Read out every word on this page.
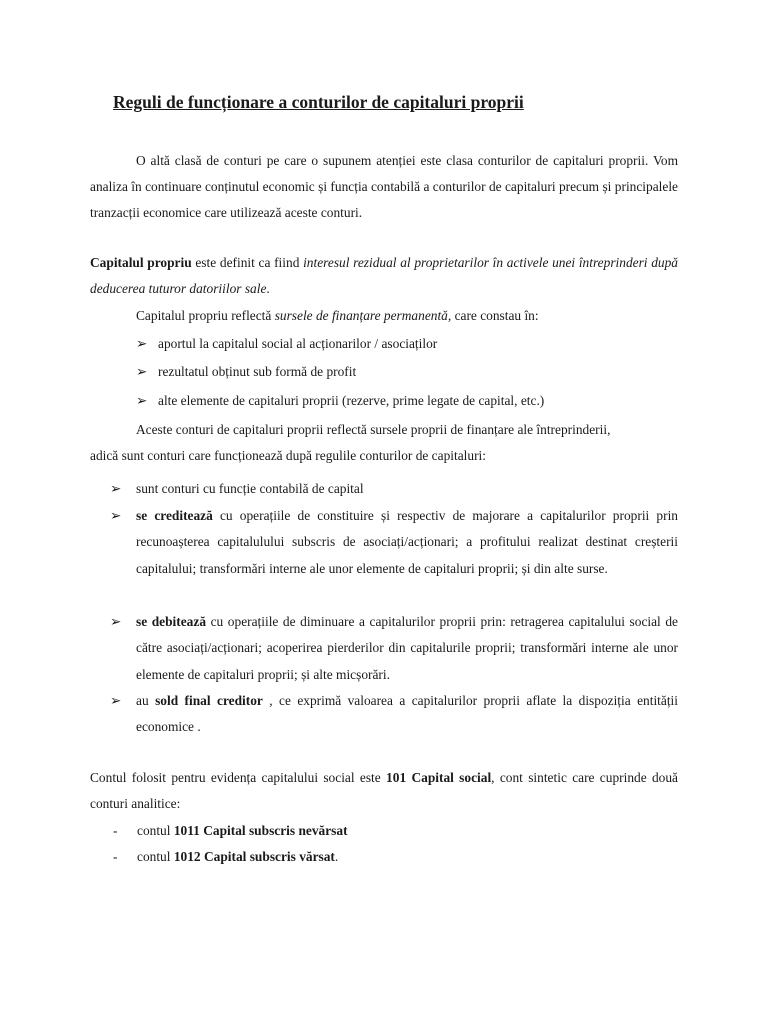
Reguli de funcționare a conturilor de capitaluri proprii
O altă clasă de conturi pe care o supunem atenției este clasa conturilor de capitaluri proprii. Vom analiza în continuare conținutul economic și funcția contabilă a conturilor de capitaluri precum și principalele tranzacții economice care utilizează aceste conturi.
Capitalul propriu este definit ca fiind interesul rezidual al proprietarilor în activele unei întreprinderi după deducerea tuturor datoriilor sale.
Capitalul propriu reflectă sursele de finanțare permanentă, care constau în:
➢ aportul la capitalul social al acționarilor / asociaților
➢ rezultatul obținut sub formă de profit
➢ alte elemente de capitaluri proprii (rezerve, prime legate de capital, etc.)
Aceste conturi de capitaluri proprii reflectă sursele proprii de finanțare ale întreprinderii,
adică sunt conturi care funcționează după regulile conturilor de capitaluri:
➢	sunt conturi cu funcție contabilă de capital
➢	se creditează cu operațiile de constituire și respectiv de majorare a capitalurilor proprii prin recunoașterea capitalulului subscris de asociați/acționari; a profitului realizat destinat creșterii capitalului; transformări interne ale unor elemente de capitaluri proprii; și din alte surse.
➢	se debitează cu operațiile de diminuare a capitalurilor proprii prin: retragerea capitalului social de către asociați/acționari; acoperirea pierderilor din capitalurile proprii; transformări interne ale unor elemente de capitaluri proprii; și alte micșorări.
➢	au sold final creditor , ce exprimă valoarea a capitalurilor proprii aflate la dispoziția entității economice .
Contul folosit pentru evidența capitalului social este 101 Capital social, cont sintetic care cuprinde două conturi analitice:
- contul 1011 Capital subscris nevărsat
- contul 1012 Capital subscris vărsat.
